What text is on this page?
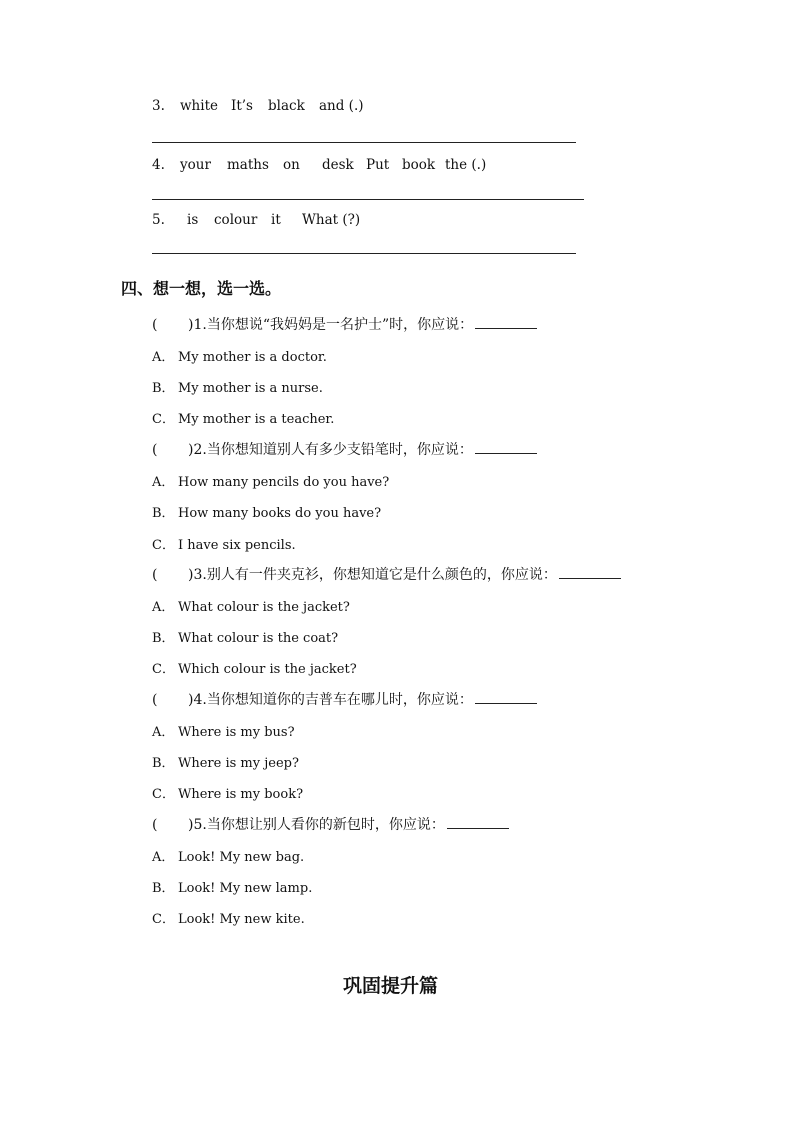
3. white It’s black and (.)
4. your maths on desk Put book the (.)
5. is colour it What (?)
四、想一想，选一选。
( )1.当你想说“我妈妈是一名护士”时，你应说：
A． My mother is a doctor.
B． My mother is a nurse.
C． My mother is a teacher.
( )2.当你想知道别人有多少支铅笔时，你应说：
A． How many pencils do you have?
B． How many books do you have?
C． I have six pencils.
( )3.别人有一件夹克衫，你想知道它是什么颜色的，你应说：
A． What colour is the jacket?
B． What colour is the coat?
C． Which colour is the jacket?
( )4.当你想知道你的吉普车在哪儿时，你应说：
A． Where is my bus?
B． Where is my jeep?
C． Where is my book?
( )5.当你想让别人看你的新包时，你应说：
A． Look! My new bag.
B． Look! My new lamp.
C． Look! My new kite.
巩固提升篇
